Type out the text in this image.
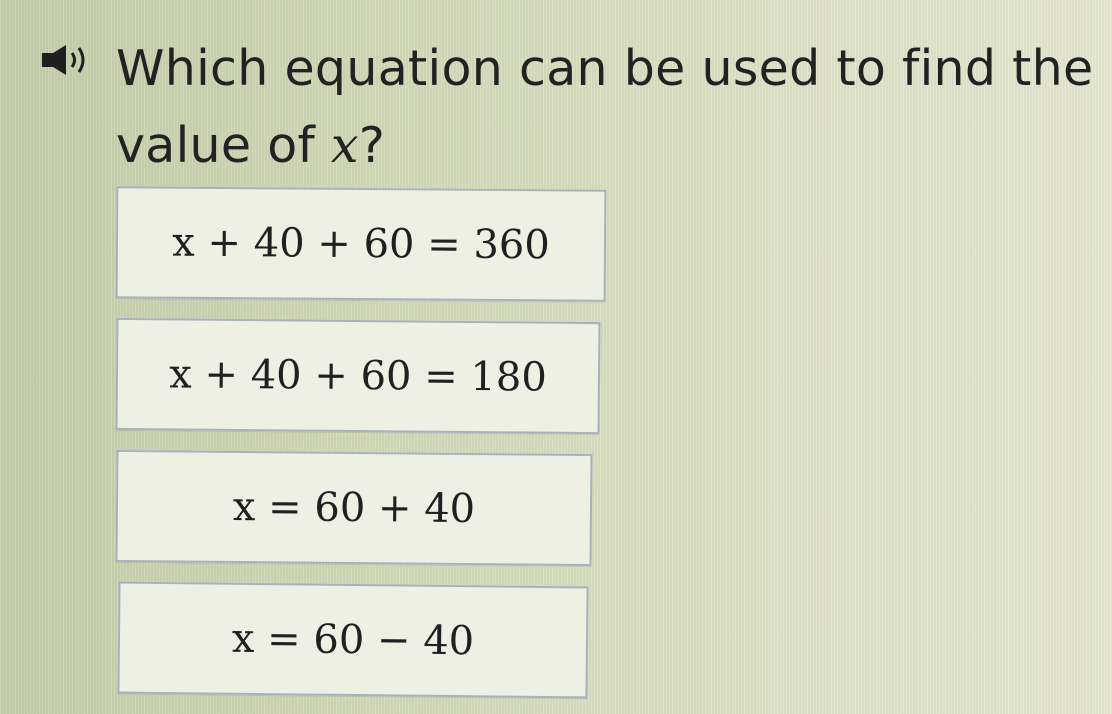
Which equation can be used to find the value of x?
x + 40 + 60 = 360
x + 40 + 60 = 180
x = 60 + 40
x = 60 − 40
